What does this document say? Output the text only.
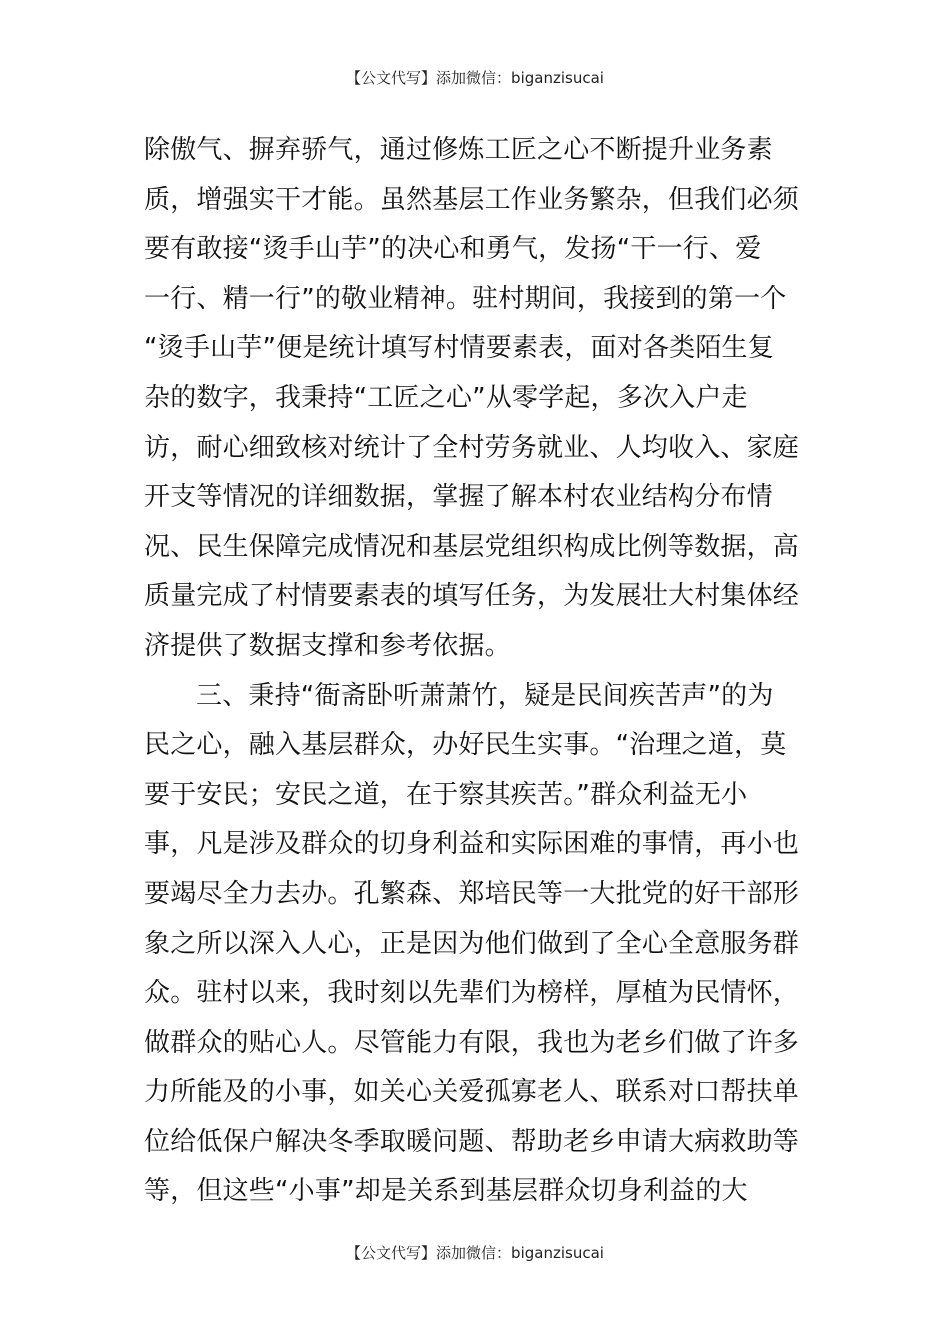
【公文代写】添加微信：biganzisucai
除傲气、摒弃骄气，通过修炼工匠之心不断提升业务素
质，增强实干才能。虽然基层工作业务繁杂，但我们必须
要有敢接“烫手山芋”的决心和勇气，发扬“干一行、爱
一行、精一行”的敬业精神。驻村期间，我接到的第一个
“烫手山芋”便是统计填写村情要素表，面对各类陌生复
杂的数字，我秉持“工匠之心”从零学起，多次入户走
访，耐心细致核对统计了全村劳务就业、人均收入、家庭
开支等情况的详细数据，掌握了解本村农业结构分布情
况、民生保障完成情况和基层党组织构成比例等数据，高
质量完成了村情要素表的填写任务，为发展壮大村集体经
济提供了数据支撑和参考依据。
三、秉持“衙斋卧听萧萧竹，疑是民间疾苦声”的为
民之心，融入基层群众，办好民生实事。“治理之道，莫
要于安民；安民之道，在于察其疾苦。”群众利益无小
事，凡是涉及群众的切身利益和实际困难的事情，再小也
要竭尽全力去办。孔繁森、郑培民等一大批党的好干部形
象之所以深入人心，正是因为他们做到了全心全意服务群
众。驻村以来，我时刻以先辈们为榜样，厚植为民情怀，
做群众的贴心人。尽管能力有限，我也为老乡们做了许多
力所能及的小事，如关心关爱孤寡老人、联系对口帮扶单
位给低保户解决冬季取暖问题、帮助老乡申请大病救助等
等，但这些“小事”却是关系到基层群众切身利益的大
【公文代写】添加微信：biganzisucai
